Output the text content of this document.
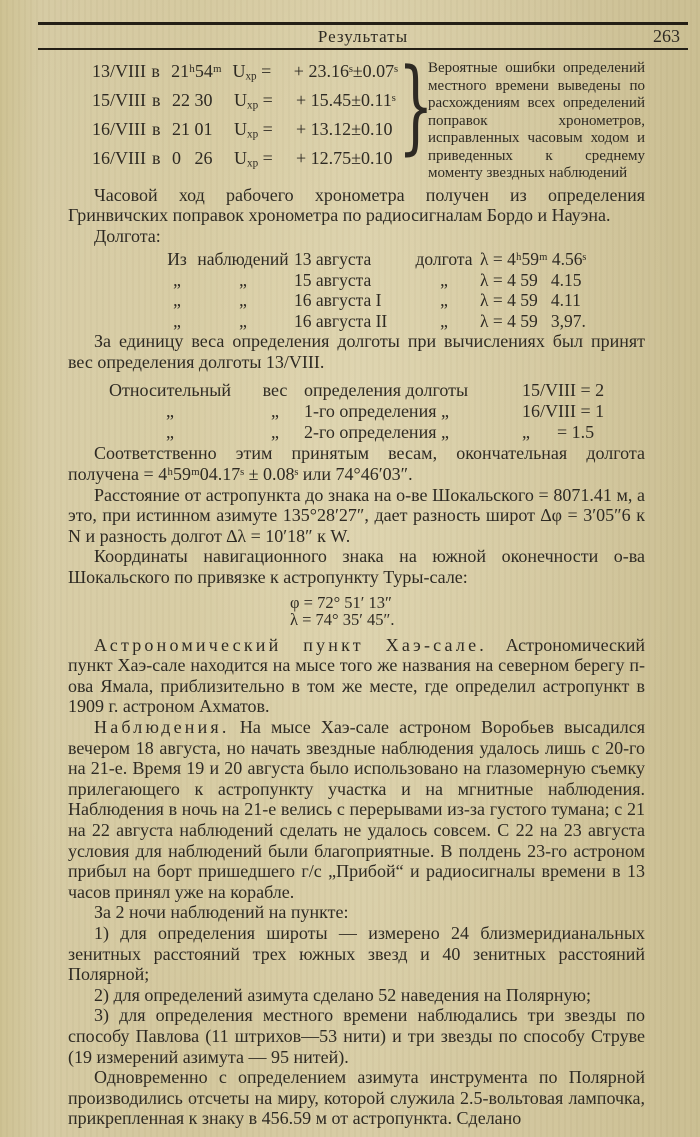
Результаты	263
13/VIII в 21ʰ54ᵐ $U_{хр}$ =	+ 23.16ˢ±0.07ˢ
15/VIII в 22 30	$U_{хр}$ =	+ 15.45±0.11ˢ
16/VIII в 21 01	$U_{хр}$ =	+ 13.12±0.10
16/VIII в 0   26	$U_{хр}$ =	+ 12.75±0.10 }
Вероятные ошибки определений местного времени выведены по расхождениям всех определений поправок хронометров, исправленных часовым ходом и приведенных к среднему моменту звездных наблюдений

Часовой ход рабочего хронометра получен из определения Гринвичских поправок хронометра по радиосигналам Бордо и Науэна.

Долгота:

Из наблюдений 13 августа	долгота λ = 4ʰ59ᵐ 4.56ˢ
„	„	15 августа	„	λ = 4 59   4.15
„	„	16 августа I	„	λ = 4 59   4.11
„	„	16 августа II	„	λ = 4 59   3,97.

За единицу веса определения долготы при вычислениях был принят вес определения долготы 13/VIII.

Относительный	вес определения долготы	15/VIII = 2
„	„	1-го определения „	16/VIII = 1
„	„	2-го определения „	„      = 1.5

Соответственно этим принятым весам, окончательная долгота получена = 4ʰ59ᵐ04.17ˢ ± 0.08ˢ или 74°46′03″.

Расстояние от астропункта до знака на о-ве Шокальского = 8071.41 м, а это, при истинном азимуте 135°28′27″, дает разность широт ∆φ = 3′05″6 к N и разность долгот ∆λ = 10′18″ к W.

Координаты навигационного знака на южной оконечности о-ва Шокальского по привязке к астропункту Туры-сале:

φ = 72° 51′ 13″
λ = 74° 35′ 45″.

Астрономический пункт Хаэ-сале. Астрономический пункт Хаэ-сале находится на мысе того же названия на северном берегу п-ова Ямала, приблизительно в том же месте, где определил астропункт в 1909 г. астроном Ахматов.

Наблюдения. На мысе Хаэ-сале астроном Воробьев высадился вечером 18 августа, но начать звездные наблюдения удалось лишь с 20-го на 21-е. Время 19 и 20 августа было использовано на глазомерную съемку прилегающего к астропункту участка и на мгнитные наблюдения. Наблюдения в ночь на 21-е велись с перерывами из-за густого тумана; с 21 на 22 августа наблюдений сделать не удалось совсем. С 22 на 23 августа условия для наблюдений были благоприятные. В полдень 23-го астроном прибыл на борт пришедшего г/с „Прибой“ и радиосигналы времени в 13 часов принял уже на корабле.

За 2 ночи наблюдений на пункте:

1) для определения широты — измерено 24 близмеридианальных зенитных расстояний трех южных звезд и 40 зенитных расстояний Полярной;

2) для определений азимута сделано 52 наведения на Полярную;

3) для определения местного времени наблюдались три звезды по способу Павлова (11 штрихов—53 нити) и три звезды по способу Струве (19 измерений азимута — 95 нитей).

Одновременно с определением азимута инструмента по Полярной производились отсчеты на миру, которой служила 2.5-вольтовая лампочка, прикрепленная к знаку в 456.59 м от астропункта. Сделано
